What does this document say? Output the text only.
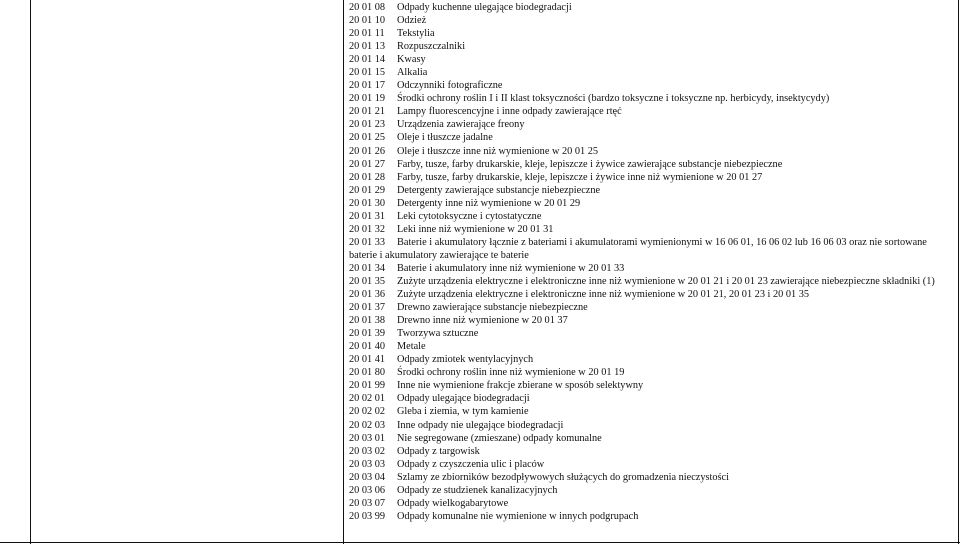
20 01 08 Odpady kuchenne ulegające biodegradacji
20 01 10 Odzież
20 01 11 Tekstylia
20 01 13 Rozpuszczalniki
20 01 14 Kwasy
20 01 15 Alkalia
20 01 17 Odczynniki fotograficzne
20 01 19 Środki ochrony roślin I i II klast toksyczności (bardzo toksyczne i toksyczne np. herbicydy, insektycydy)
20 01 21 Lampy fluorescencyjne i inne odpady zawierające rtęć
20 01 23 Urządzenia zawierające freony
20 01 25 Oleje i tłuszcze jadalne
20 01 26 Oleje i tłuszcze inne niż wymienione w 20 01 25
20 01 27 Farby, tusze, farby drukarskie, kleje, lepiszcze i żywice zawierające substancje niebezpieczne
20 01 28 Farby, tusze, farby drukarskie, kleje, lepiszcze i żywice inne niż wymienione w 20 01 27
20 01 29 Detergenty zawierające substancje niebezpieczne
20 01 30 Detergenty inne niż wymienione w 20 01 29
20 01 31 Leki cytotoksyczne i cytostatyczne
20 01 32 Leki inne niż wymienione w 20 01 31
20 01 33 Baterie i akumulatory łącznie z bateriami i akumulatorami wymienionymi w 16 06 01, 16 06 02 lub 16 06 03 oraz nie sortowane baterie i akumulatory zawierające te baterie
20 01 34 Baterie i akumulatory inne niż wymienione w 20 01 33
20 01 35 Zużyte urządzenia elektryczne i elektroniczne inne niż wymienione w 20 01 21 i 20 01 23 zawierające niebezpieczne składniki (1)
20 01 36 Zużyte urządzenia elektryczne i elektroniczne inne niż wymienione w 20 01 21, 20 01 23 i 20 01 35
20 01 37 Drewno zawierające substancje niebezpieczne
20 01 38 Drewno inne niż wymienione w 20 01 37
20 01 39 Tworzywa sztuczne
20 01 40 Metale
20 01 41 Odpady zmiotek wentylacyjnych
20 01 80 Środki ochrony roślin inne niż wymienione w 20 01 19
20 01 99 Inne nie wymienione frakcje zbierane w sposób selektywny
20 02 01 Odpady ulegające biodegradacji
20 02 02 Gleba i ziemia, w tym kamienie
20 02 03 Inne odpady nie ulegające biodegradacji
20 03 01 Nie segregowane (zmieszane) odpady komunalne
20 03 02 Odpady z targowisk
20 03 03 Odpady z czyszczenia ulic i placów
20 03 04 Szlamy ze zbiorników bezodpływowych służących do gromadzenia nieczystości
20 03 06 Odpady ze studzienek kanalizacyjnych
20 03 07 Odpady wielkogabarytowe
20 03 99 Odpady komunalne nie wymienione w innych podgrupach
